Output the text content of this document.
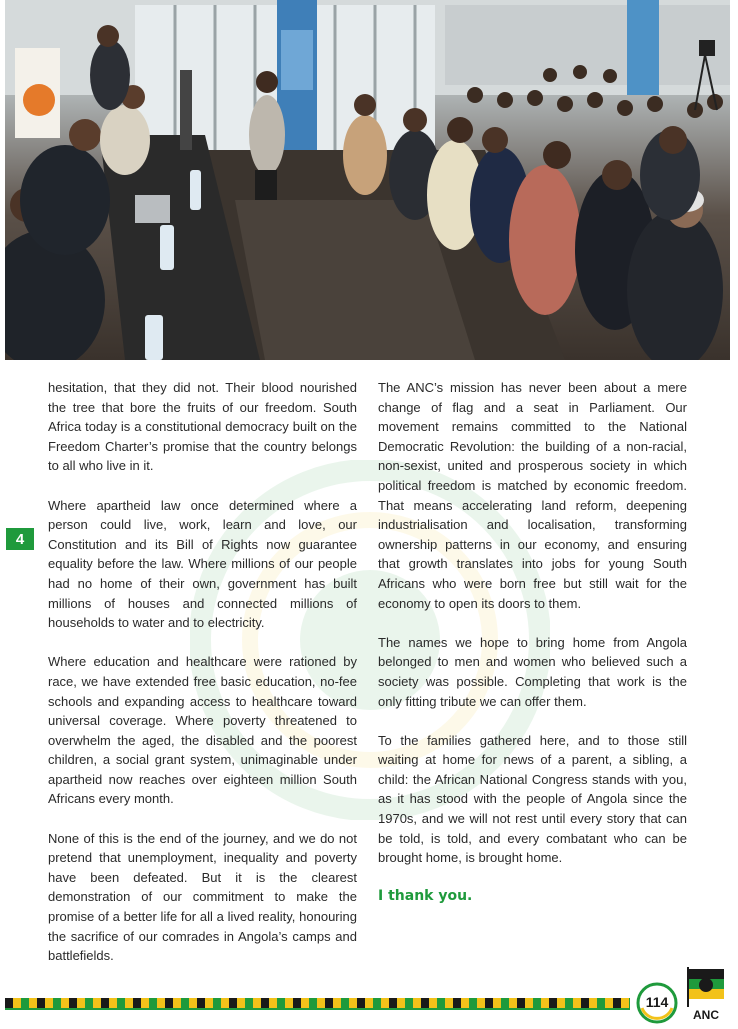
4

hesitation, that they did not. Their blood nourished the tree that bore the fruits of our freedom. South Africa today is a constitutional democracy built on the Freedom Charter’s promise that the country belongs to all who live in it.

Where apartheid law once determined where a person could live, work, learn and love, our Constitution and its Bill of Rights now guarantee equality before the law. Where millions of our people had no home of their own, government has built millions of houses and connected millions of households to water and to electricity.

Where education and healthcare were rationed by race, we have extended free basic education, no-fee schools and expanding access to healthcare toward universal coverage. Where poverty threatened to overwhelm the aged, the disabled and the poorest children, a social grant system, unimaginable under apartheid now reaches over eighteen million South Africans every month.

None of this is the end of the journey, and we do not pretend that unemployment, inequality and poverty have been defeated. But it is the clearest demonstration of our commitment to make the promise of a better life for all a lived reality, honouring the sacrifice of our comrades in Angola’s camps and battlefields.

The ANC’s mission has never been about a mere change of flag and a seat in Parliament. Our movement remains committed to the National Democratic Revolution: the building of a non-racial, non-sexist, united and prosperous society in which political freedom is matched by economic freedom. That means accelerating land reform, deepening industrialisation and localisation, transforming ownership patterns in our economy, and ensuring that growth translates into jobs for young South Africans who were born free but still wait for the economy to open its doors to them.

The names we hope to bring home from Angola belonged to men and women who believed such a society was possible. Completing that work is the only fitting tribute we can offer them.

To the families gathered here, and to those still waiting at home for news of a parent, a sibling, a child: the African National Congress stands with you, as it has stood with the people of Angola since the 1970s, and we will not rest until every story that can be told, is told, and every combatant who can be brought home, is brought home.

I thank you.
114
ANC
